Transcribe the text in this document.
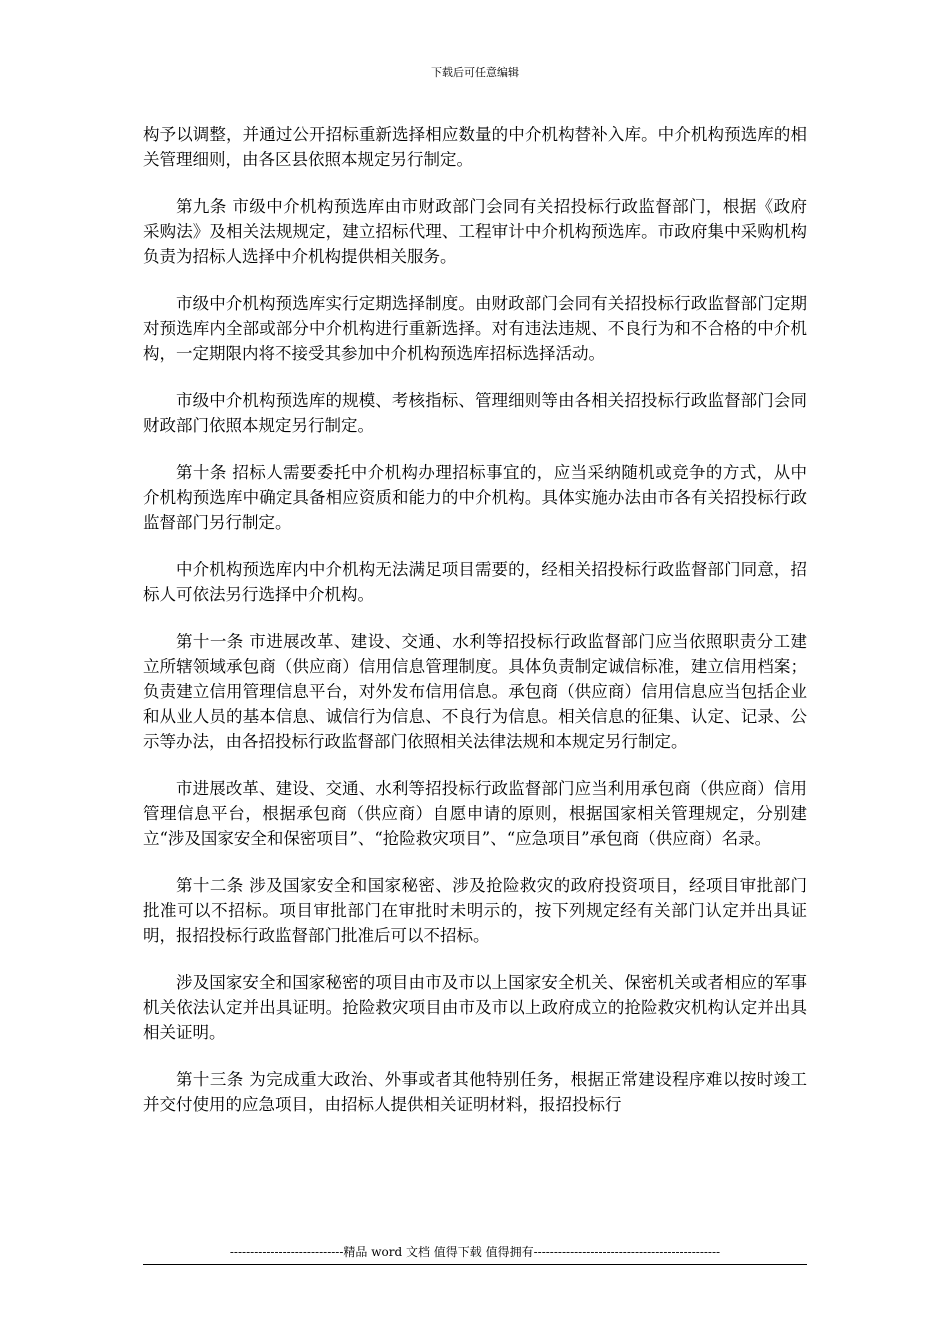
下载后可任意编辑

构予以调整，并通过公开招标重新选择相应数量的中介机构替补入库。中介机构预选库的相关管理细则，由各区县依照本规定另行制定。

第九条 市级中介机构预选库由市财政部门会同有关招投标行政监督部门，根据《政府采购法》及相关法规规定，建立招标代理、工程审计中介机构预选库。市政府集中采购机构负责为招标人选择中介机构提供相关服务。

市级中介机构预选库实行定期选择制度。由财政部门会同有关招投标行政监督部门定期对预选库内全部或部分中介机构进行重新选择。对有违法违规、不良行为和不合格的中介机构，一定期限内将不接受其参加中介机构预选库招标选择活动。

市级中介机构预选库的规模、考核指标、管理细则等由各相关招投标行政监督部门会同财政部门依照本规定另行制定。

第十条 招标人需要委托中介机构办理招标事宜的，应当采纳随机或竞争的方式，从中介机构预选库中确定具备相应资质和能力的中介机构。具体实施办法由市各有关招投标行政监督部门另行制定。

中介机构预选库内中介机构无法满足项目需要的，经相关招投标行政监督部门同意，招标人可依法另行选择中介机构。

第十一条 市进展改革、建设、交通、水利等招投标行政监督部门应当依照职责分工建立所辖领域承包商（供应商）信用信息管理制度。具体负责制定诚信标准，建立信用档案；负责建立信用管理信息平台，对外发布信用信息。承包商（供应商）信用信息应当包括企业和从业人员的基本信息、诚信行为信息、不良行为信息。相关信息的征集、认定、记录、公示等办法，由各招投标行政监督部门依照相关法律法规和本规定另行制定。

市进展改革、建设、交通、水利等招投标行政监督部门应当利用承包商（供应商）信用管理信息平台，根据承包商（供应商）自愿申请的原则，根据国家相关管理规定，分别建立“涉及国家安全和保密项目”、“抢险救灾项目”、“应急项目”承包商（供应商）名录。

第十二条 涉及国家安全和国家秘密、涉及抢险救灾的政府投资项目，经项目审批部门批准可以不招标。项目审批部门在审批时未明示的，按下列规定经有关部门认定并出具证明，报招投标行政监督部门批准后可以不招标。

涉及国家安全和国家秘密的项目由市及市以上国家安全机关、保密机关或者相应的军事机关依法认定并出具证明。抢险救灾项目由市及市以上政府成立的抢险救灾机构认定并出具相关证明。

第十三条 为完成重大政治、外事或者其他特别任务，根据正常建设程序难以按时竣工并交付使用的应急项目，由招标人提供相关证明材料，报招投标行

----------------------------精品 word 文档 值得下载 值得拥有----------------------------------------------
